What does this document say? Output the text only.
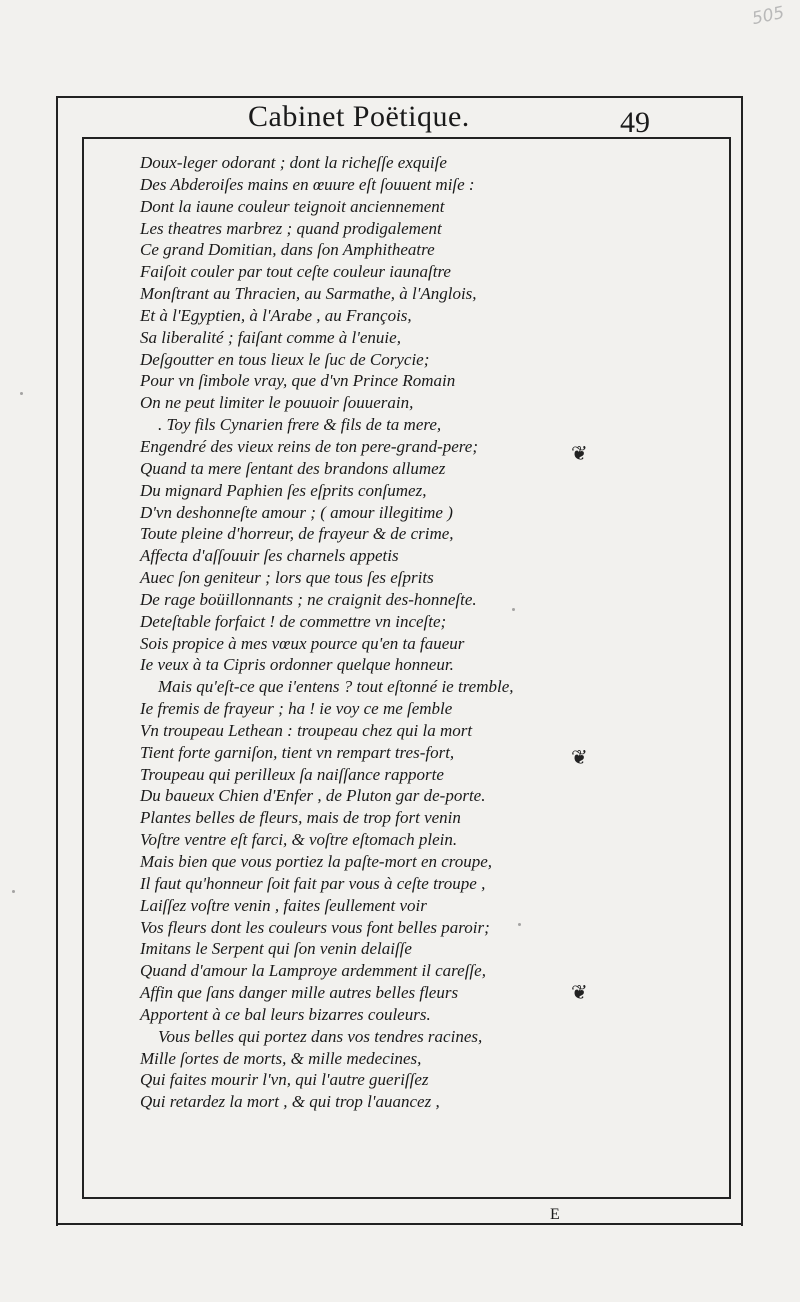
505
Cabinet Poëtique.	49
Doux-leger odorant ; dont la richeſſe exquiſe
Des Abderoiſes mains en œuure eſt ſouuent miſe :
Dont la iaune couleur teignoit anciennement
Les theatres marbrez ; quand prodigalement
Ce grand Domitian, dans ſon Amphitheatre
Faiſoit couler par tout ceſte couleur iaunaſtre
Monſtrant au Thracien, au Sarmathe, à l'Anglois,
Et à l'Egyptien, à l'Arabe , au François,
Sa liberalité ; faiſant comme à l'enuie,
Deſgoutter en tous lieux le ſuc de Corycie;
Pour vn ſimbole vray, que d'vn Prince Romain
On ne peut limiter le pouuoir ſouuerain,
. Toy fils Cynarien frere & fils de ta mere,
Engendré des vieux reins de ton pere-grand-pere;
Quand ta mere ſentant des brandons allumez
Du mignard Paphien ſes eſprits conſumez,
D'vn deshonneſte amour ; ( amour illegitime )
Toute pleine d'horreur, de frayeur & de crime,
Affecta d'aſſouuir ſes charnels appetis
Auec ſon geniteur ; lors que tous ſes eſprits
De rage boüillonnants ; ne craignit des-honneſte.
Deteſtable forfaict ! de commettre vn inceſte;
Sois propice à mes vœux pource qu'en ta faueur
Ie veux à ta Cipris ordonner quelque honneur.
Mais qu'eſt-ce que i'entens ? tout eſtonné ie tremble,
Ie fremis de frayeur ; ha ! ie voy ce me ſemble
Vn troupeau Lethean : troupeau chez qui la mort
Tient forte garniſon, tient vn rempart tres-fort,
Troupeau qui perilleux ſa naiſſance rapporte
Du baueux Chien d'Enfer , de Pluton gar de-porte.
Plantes belles de fleurs, mais de trop fort venin
Voſtre ventre eſt farci, & voſtre eſtomach plein.
Mais bien que vous portiez la paſte-mort en croupe,
Il faut qu'honneur ſoit fait par vous à ceſte troupe ,
Laiſſez voſtre venin , faites ſeullement voir
Vos fleurs dont les couleurs vous font belles paroir;
Imitans le Serpent qui ſon venin delaiſſe
Quand d'amour la Lamproye ardemment il careſſe,
Affin que ſans danger mille autres belles fleurs
Apportent à ce bal leurs bizarres couleurs.
Vous belles qui portez dans vos tendres racines,
Mille ſortes de morts, & mille medecines,
Qui faites mourir l'vn, qui l'autre gueriſſez
Qui retardez la mort , & qui trop l'auancez ,
❦
❦
❦
E
